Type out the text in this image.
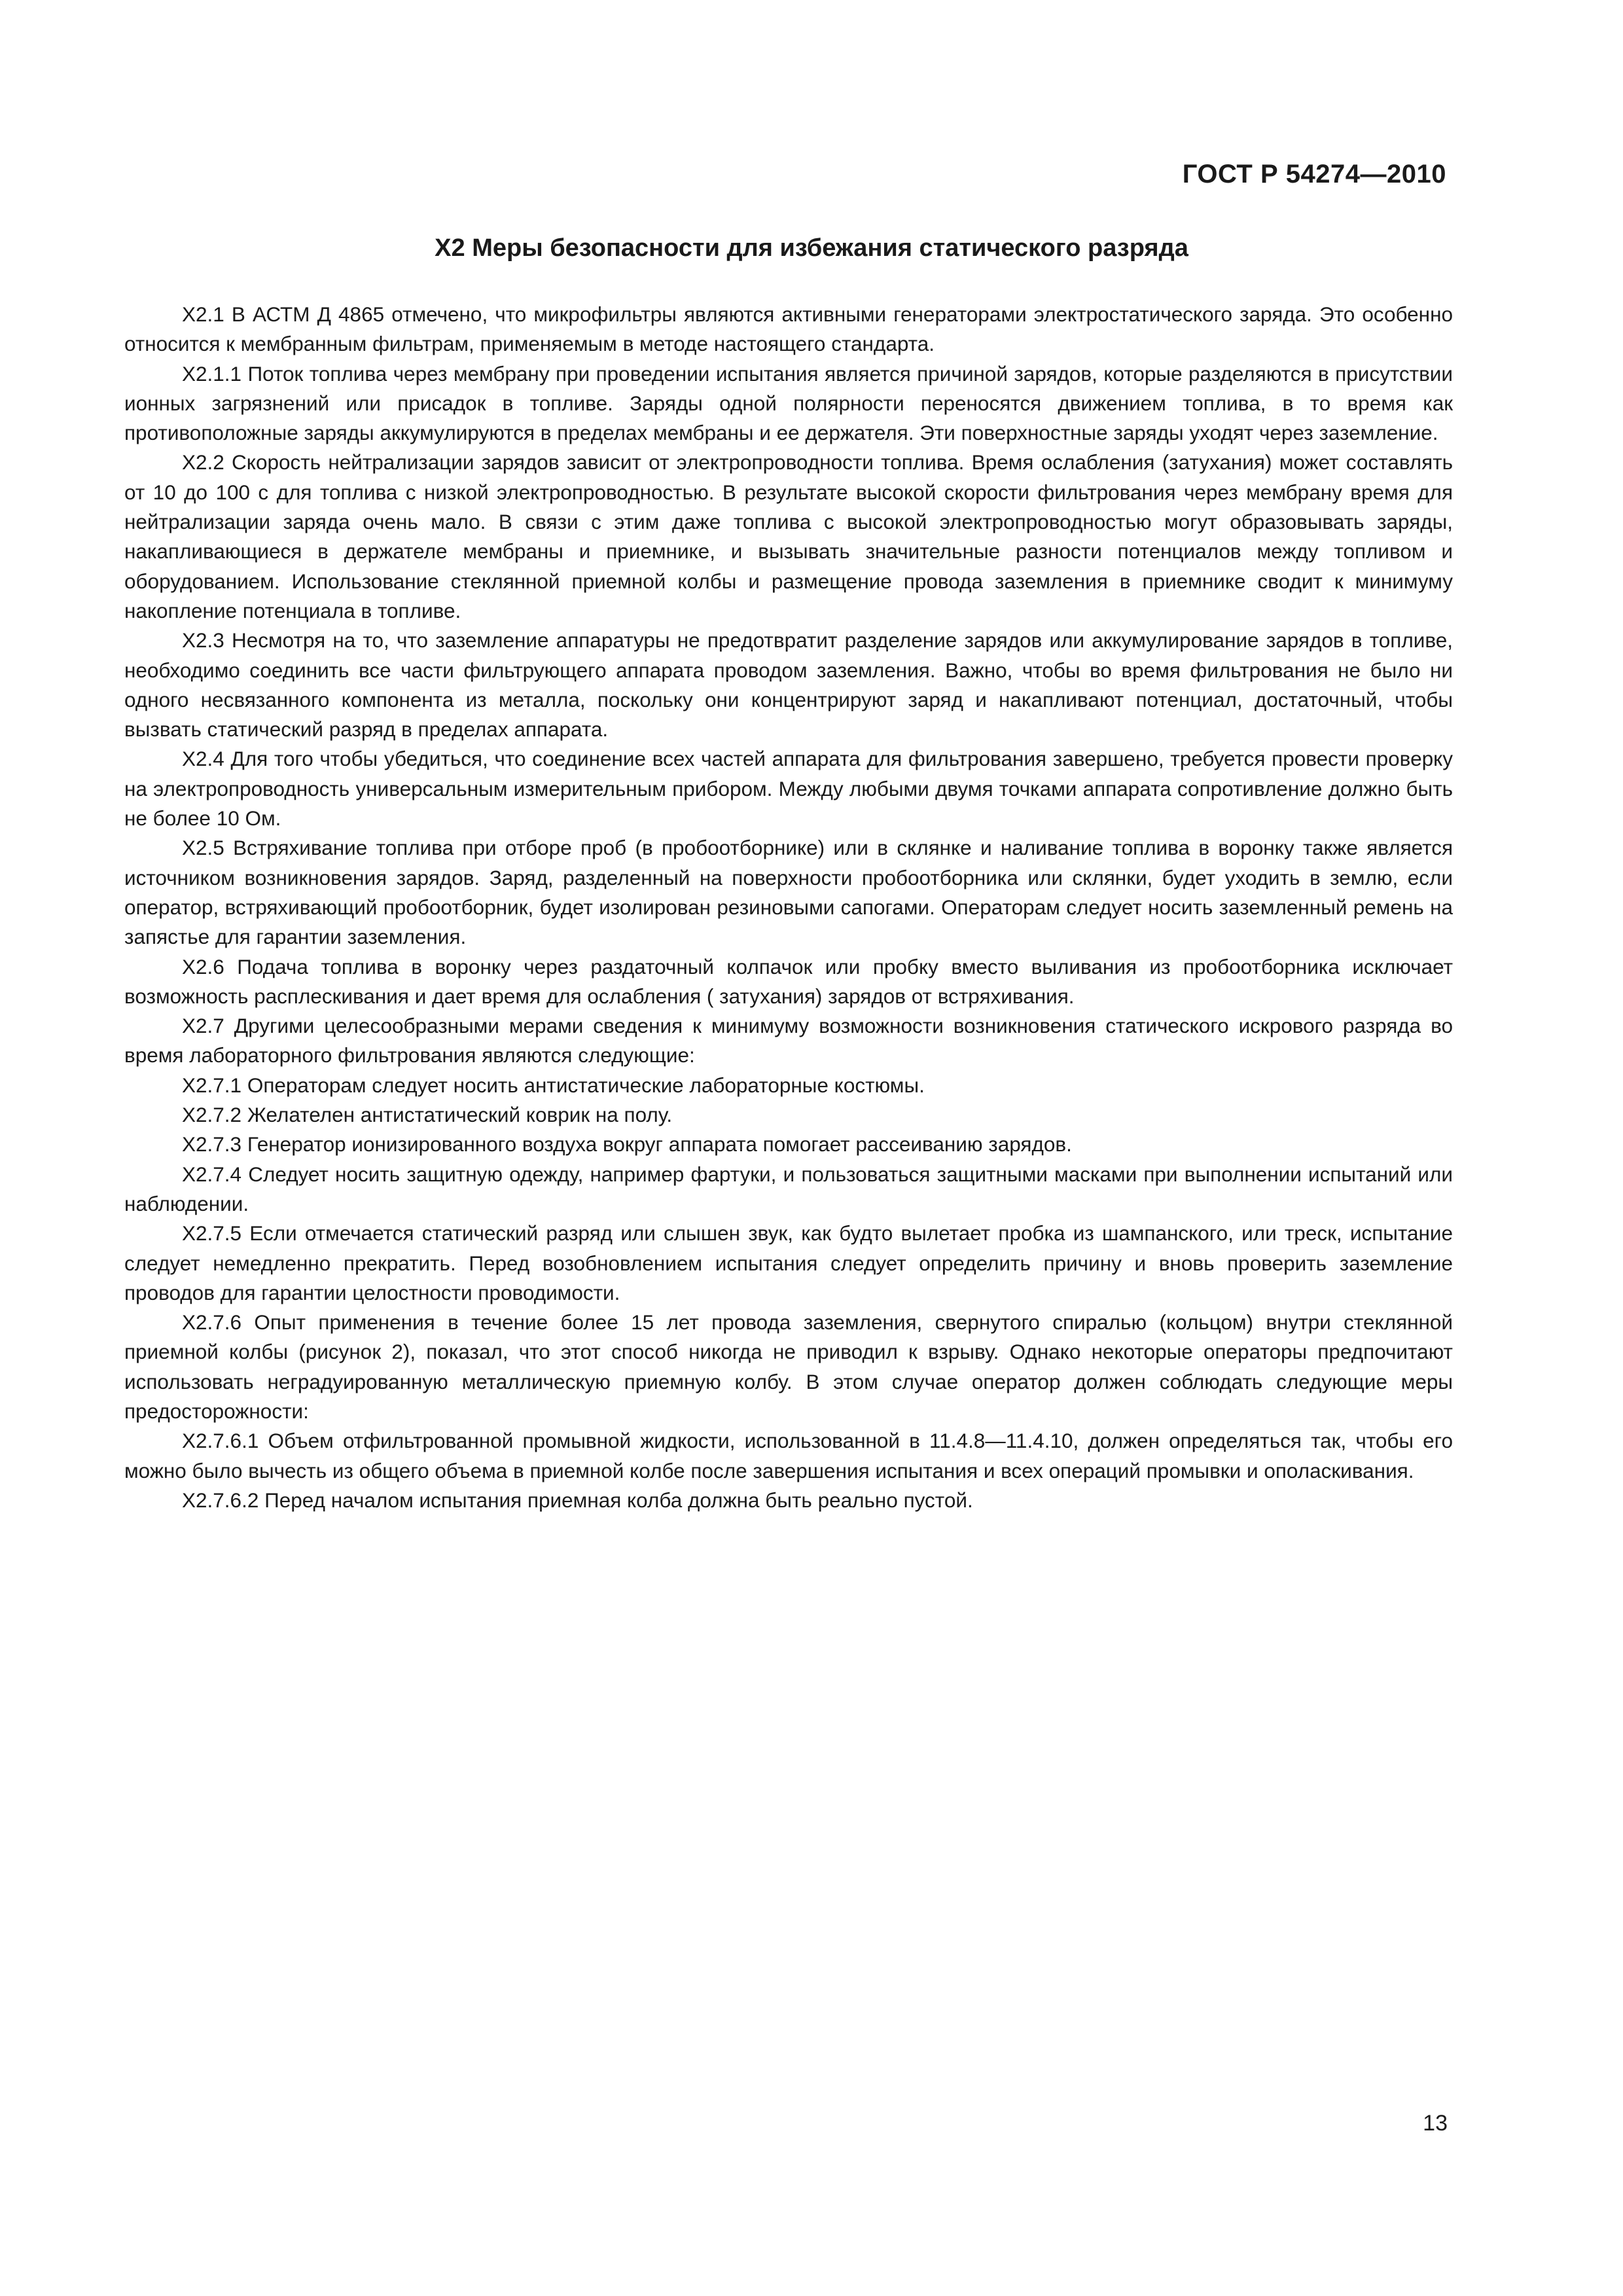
ГОСТ Р 54274—2010
Х2 Меры безопасности для избежания статического разряда

Х2.1 В АСТМ Д 4865 отмечено, что микрофильтры являются активными генераторами электростатического заряда. Это особенно относится к мембранным фильтрам, применяемым в методе настоящего стандарта.

Х2.1.1 Поток топлива через мембрану при проведении испытания является причиной зарядов, которые разделяются в присутствии ионных загрязнений или присадок в топливе. Заряды одной полярности переносятся движением топлива, в то время как противоположные заряды аккумулируются в пределах мембраны и ее держателя. Эти поверхностные заряды уходят через заземление.

Х2.2 Скорость нейтрализации зарядов зависит от электропроводности топлива. Время ослабления (затухания) может составлять от 10 до 100 с для топлива с низкой электропроводностью. В результате высокой скорости фильтрования через мембрану время для нейтрализации заряда очень мало. В связи с этим даже топлива с высокой электропроводностью могут образовывать заряды, накапливающиеся в держателе мембраны и приемнике, и вызывать значительные разности потенциалов между топливом и оборудованием. Использование стеклянной приемной колбы и размещение провода заземления в приемнике сводит к минимуму накопление потенциала в топливе.

Х2.3 Несмотря на то, что заземление аппаратуры не предотвратит разделение зарядов или аккумулирование зарядов в топливе, необходимо соединить все части фильтрующего аппарата проводом заземления. Важно, чтобы во время фильтрования не было ни одного несвязанного компонента из металла, поскольку они концентрируют заряд и накапливают потенциал, достаточный, чтобы вызвать статический разряд в пределах аппарата.

Х2.4 Для того чтобы убедиться, что соединение всех частей аппарата для фильтрования завершено, требуется провести проверку на электропроводность универсальным измерительным прибором. Между любыми двумя точками аппарата сопротивление должно быть не более 10 Ом.

Х2.5 Встряхивание топлива при отборе проб (в пробоотборнике) или в склянке и наливание топлива в воронку также является источником возникновения зарядов. Заряд, разделенный на поверхности пробоотборника или склянки, будет уходить в землю, если оператор, встряхивающий пробоотборник, будет изолирован резиновыми сапогами. Операторам следует носить заземленный ремень на запястье для гарантии заземления.

Х2.6 Подача топлива в воронку через раздаточный колпачок или пробку вместо выливания из пробоотборника исключает возможность расплескивания и дает время для ослабления ( затухания) зарядов от встряхивания.

Х2.7 Другими целесообразными мерами сведения к минимуму возможности возникновения статического искрового разряда во время лабораторного фильтрования являются следующие:

Х2.7.1 Операторам следует носить антистатические лабораторные костюмы.

Х2.7.2 Желателен антистатический коврик на полу.

Х2.7.3 Генератор ионизированного воздуха вокруг аппарата помогает рассеиванию зарядов.

Х2.7.4 Следует носить защитную одежду, например фартуки, и пользоваться защитными масками при выполнении испытаний или наблюдении.

Х2.7.5 Если отмечается статический разряд или слышен звук, как будто вылетает пробка из шампанского, или треск, испытание следует немедленно прекратить. Перед возобновлением испытания следует определить причину и вновь проверить заземление проводов для гарантии целостности проводимости.

Х2.7.6 Опыт применения в течение более 15 лет провода заземления, свернутого спиралью (кольцом) внутри стеклянной приемной колбы (рисунок 2), показал, что этот способ никогда не приводил к взрыву. Однако некоторые операторы предпочитают использовать неградуированную металлическую приемную колбу. В этом случае оператор должен соблюдать следующие меры предосторожности:

Х2.7.6.1 Объем отфильтрованной промывной жидкости, использованной в 11.4.8—11.4.10, должен определяться так, чтобы его можно было вычесть из общего объема в приемной колбе после завершения испытания и всех операций промывки и ополаскивания.

Х2.7.6.2 Перед началом испытания приемная колба должна быть реально пустой.

13
